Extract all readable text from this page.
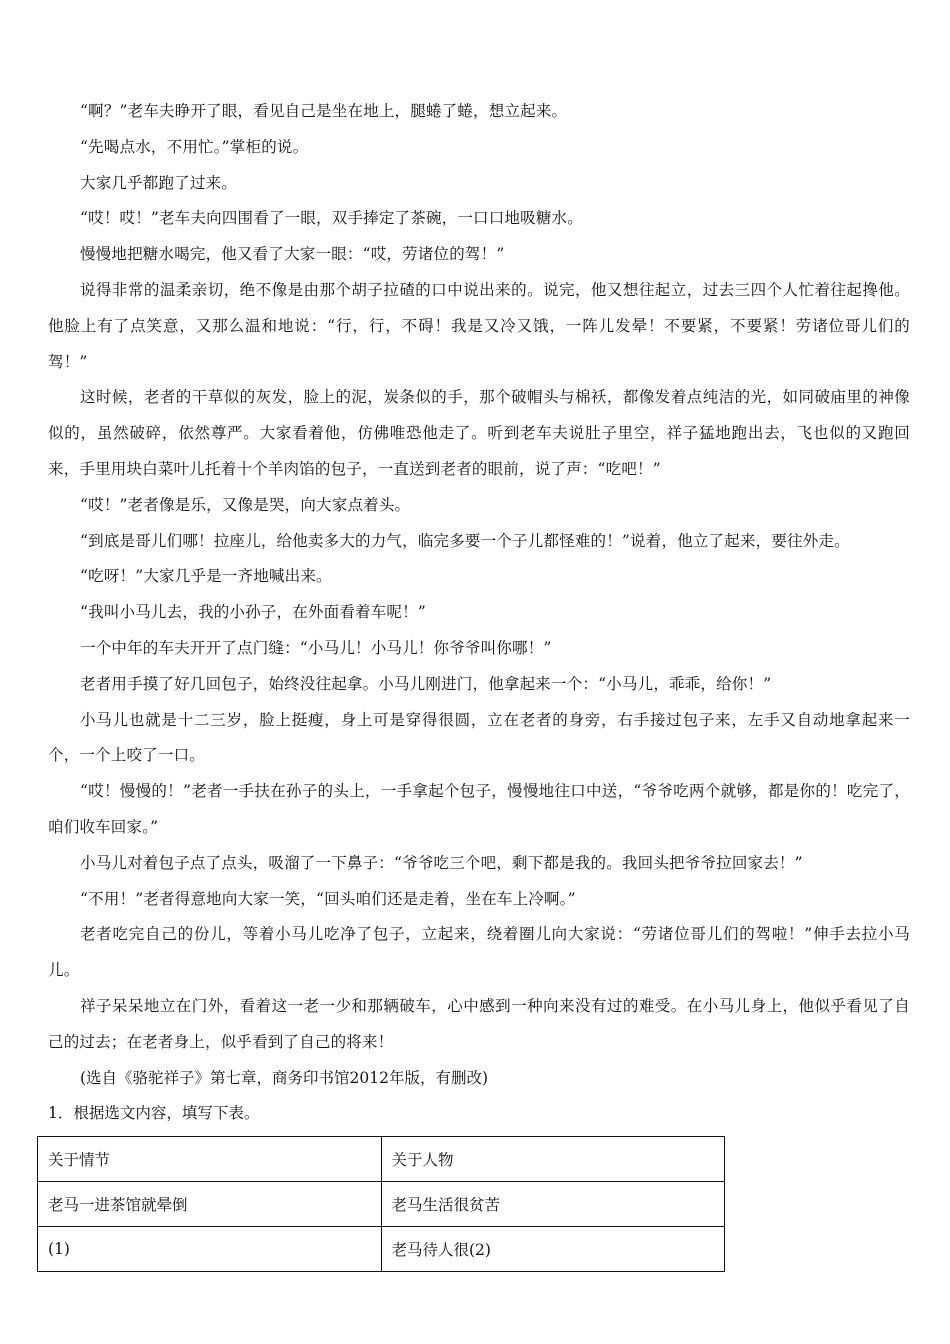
“啊？”老车夫睁开了眼，看见自己是坐在地上，腿蜷了蜷，想立起来。

“先喝点水，不用忙。”掌柜的说。

大家几乎都跑了过来。

“哎！哎！”老车夫向四围看了一眼，双手捧定了茶碗，一口口地吸糖水。

慢慢地把糖水喝完，他又看了大家一眼：“哎，劳诸位的驾！”

说得非常的温柔亲切，绝不像是由那个胡子拉碴的口中说出来的。说完，他又想往起立，过去三四个人忙着往起搀他。他脸上有了点笑意，又那么温和地说：“行，行，不碍！我是又冷又饿，一阵儿发晕！不要紧，不要紧！劳诸位哥儿们的驾！”

这时候，老者的干草似的灰发，脸上的泥，炭条似的手，那个破帽头与棉袄，都像发着点纯洁的光，如同破庙里的神像似的，虽然破碎，依然尊严。大家看着他，仿佛唯恐他走了。听到老车夫说肚子里空，祥子猛地跑出去，飞也似的又跑回来，手里用块白菜叶儿托着十个羊肉馅的包子，一直送到老者的眼前，说了声：“吃吧！”

“哎！”老者像是乐，又像是哭，向大家点着头。

“到底是哥儿们哪！拉座儿，给他卖多大的力气，临完多要一个子儿都怪难的！”说着，他立了起来，要往外走。

“吃呀！”大家几乎是一齐地喊出来。

“我叫小马儿去，我的小孙子，在外面看着车呢！”

一个中年的车夫开开了点门缝：“小马儿！小马儿！你爷爷叫你哪！”

老者用手摸了好几回包子，始终没往起拿。小马儿刚进门，他拿起来一个：“小马儿，乖乖，给你！”

小马儿也就是十二三岁，脸上挺瘦，身上可是穿得很圆，立在老者的身旁，右手接过包子来，左手又自动地拿起来一个，一个上咬了一口。

“哎！慢慢的！”老者一手扶在孙子的头上，一手拿起个包子，慢慢地往口中送，“爷爷吃两个就够，都是你的！吃完了，咱们收车回家。”

小马儿对着包子点了点头，吸溜了一下鼻子：“爷爷吃三个吧，剩下都是我的。我回头把爷爷拉回家去！”

“不用！”老者得意地向大家一笑，“回头咱们还是走着，坐在车上冷啊。”

老者吃完自己的份儿，等着小马儿吃净了包子，立起来，绕着圈儿向大家说：“劳诸位哥儿们的驾啦！”伸手去拉小马儿。

祥子呆呆地立在门外，看着这一老一少和那辆破车，心中感到一种向来没有过的难受。在小马儿身上，他似乎看见了自己的过去；在老者身上，似乎看到了自己的将来！

(选自《骆驼祥子》第七章，商务印书馆2012年版，有删改)

1．根据选文内容，填写下表。

关于情节	关于人物
老马一进茶馆就晕倒	老马生活很贫苦
(1)	老马待人很(2)
